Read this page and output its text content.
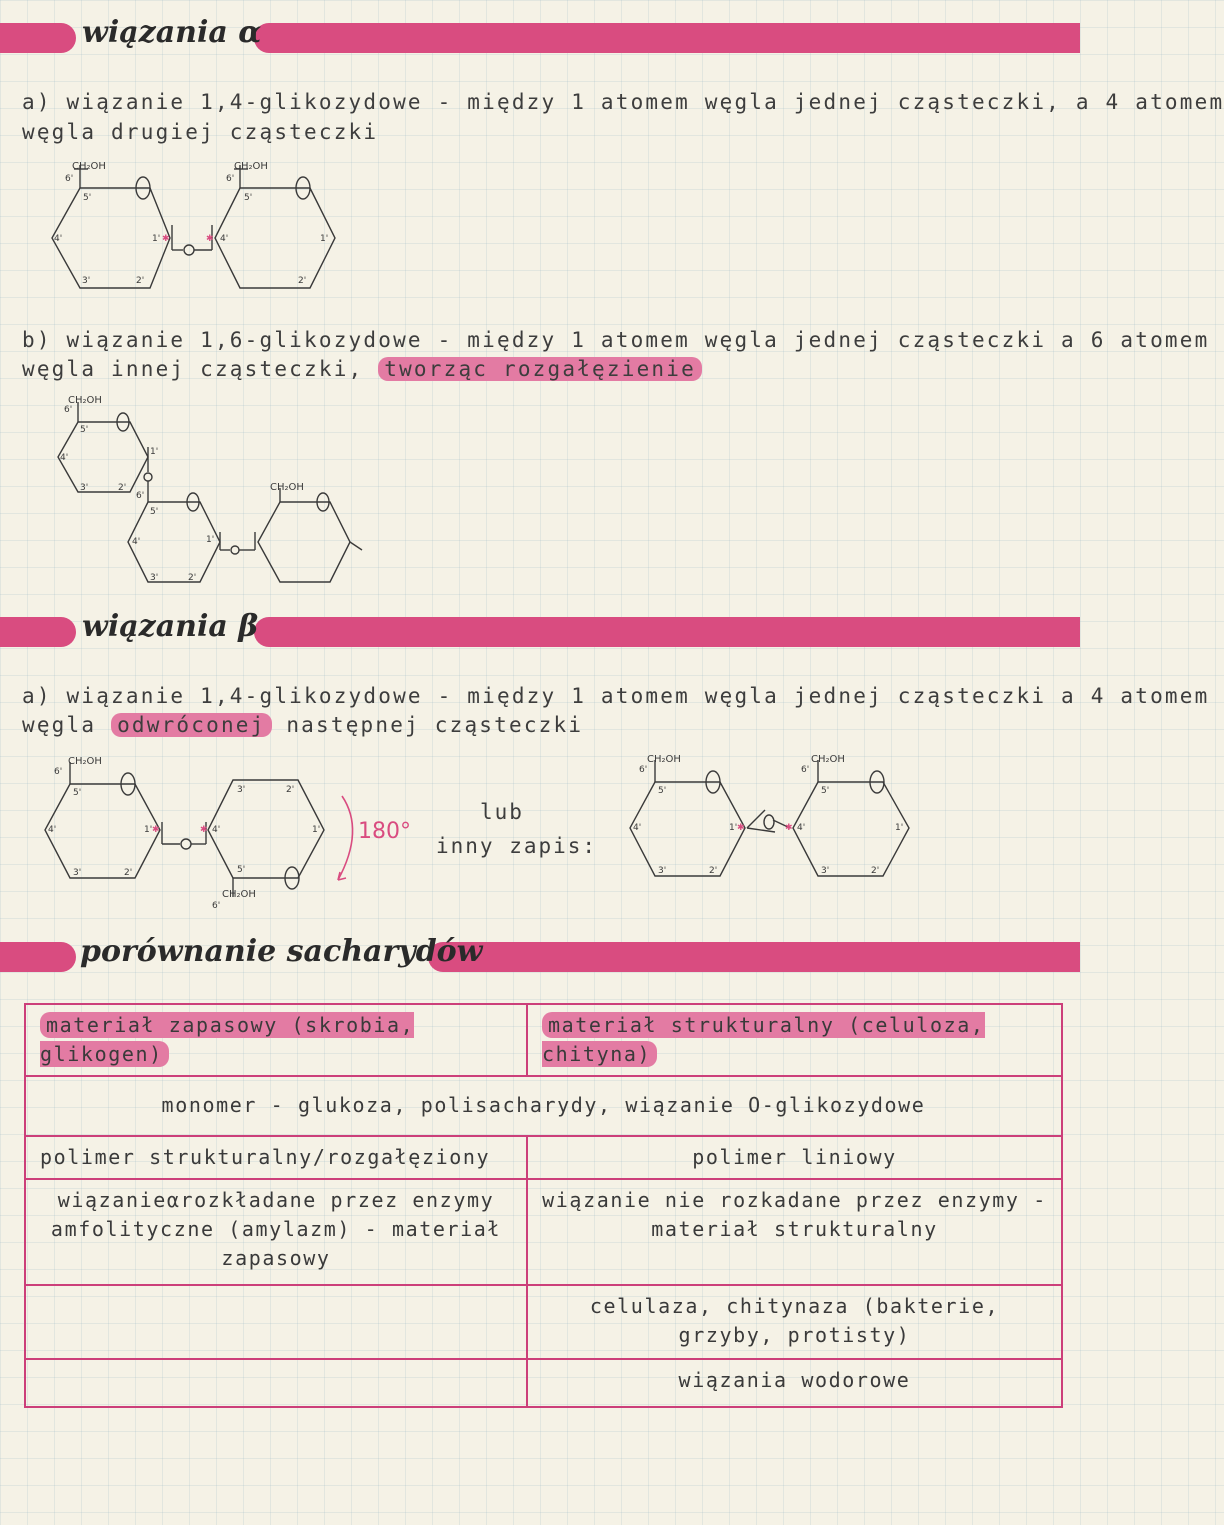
wiązania α
a) wiązanie 1,4-glikozydowe - między 1 atomem węgla jednej cząsteczki, a 4 atomem
węgla drugiej cząsteczki
CH₂OH
6'
5'
4'
3'	2'
1' ✱	✱
CH₂OH
6'
5'
4'
2'
1'
b) wiązanie 1,6-glikozydowe - między 1 atomem węgla jednej cząsteczki a 6 atomem
węgla innej cząsteczki, tworząc rozgałęzienie
CH₂OH
6'
5'
4'
3'	2'
1'
6'
5'
4'
3'	2'
1'
CH₂OH
wiązania β
a) wiązanie 1,4-glikozydowe - między 1 atomem węgla jednej cząsteczki a 4 atomem
węgla odwróconej następnej cząsteczki
CH₂OH
6'
5'
4'
3'	2'
1' ✱	✱
3'	2'
4'	1'
5'
CH₂OH
6'
180°
lub
inny zapis:
CH₂OH
6'
5'
4'
3'	2'
1' ✱	✱
CH₂OH
6'
5'
4'
3'	2'
1'
porównanie sacharydów
materiał zapasowy (skrobia, glikogen)	materiał strukturalny (celuloza, chityna)
monomer - glukoza, polisacharydy, wiązanie O-glikozydowe	
polimer strukturalny/rozgałęziony	polimer liniowy
wiązanieαrozkładane przez enzymy amfolityczne (amylazm) - materiał zapasowy	wiązanie nie rozkadane przez enzymy - materiał strukturalny
	celulaza, chitynaza (bakterie, grzyby, protisty)
	wiązania wodorowe
